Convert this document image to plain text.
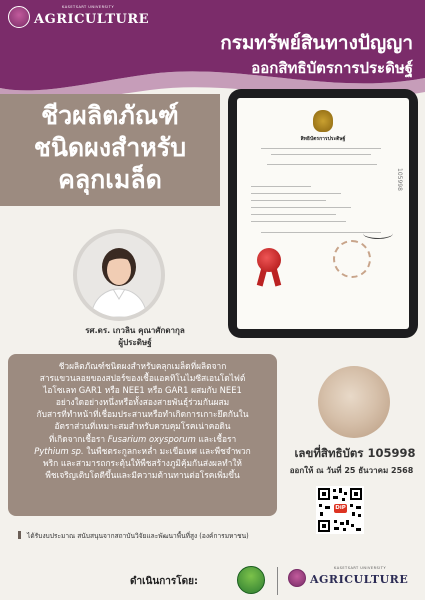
KASETSART UNIVERSITY
AGRICULTURE
กรมทรัพย์สินทางปัญญา
ออกสิทธิบัตรการประดิษฐ์
ชีวผลิตภัณฑ์
ชนิดผงสำหรับ
คลุกเมล็ด
สิทธิบัตรการประดิษฐ์
105998
รศ.ดร. เกวลิน คุณาศักดากุล
ผู้ประดิษฐ์

ชีวผลิตภัณฑ์ชนิดผงสำหรับคลุกเมล็ดที่ผลิตจาก

สารแขวนลอยของสปอร์ของเชื้อแอคทิโนไมซีสเอนโดไฟต์

ไอโซเลท GAR1 หรือ NEE1 หรือ GAR1 ผสมกับ NEE1

อย่างใดอย่างหนึ่งหรือทั้งสองสายพันธุ์ร่วมกันผสม

กับสารที่ทำหน้าที่เชื่อมประสานหรือทำเกิดการเกาะยึดกันใน

อัตราส่วนที่เหมาะสมสำหรับควบคุมโรคเน่าคอดิน

ที่เกิดจากเชื้อรา Fusarium oxysporum และเชื้อรา

Pythium sp. ในพืชตระกูลกะหล่ำ มะเขือเทศ และพืชจำพวก

พริก และสามารถกระตุ้นให้พืชสร้างภูมิคุ้มกันส่งผลทำให้

พืชเจริญเติบโตดีขึ้นและมีความต้านทานต่อโรคเพิ่มขึ้น

เลขที่สิทธิบัตร 105998
ออกให้ ณ วันที่ 25 ธันวาคม 2568
DiP
ได้รับงบประมาณ สนับสนุนจากสถาบันวิจัยและพัฒนาพื้นที่สูง (องค์การมหาชน)
ดำเนินการโดย:
KASETSART UNIVERSITY
AGRICULTURE
